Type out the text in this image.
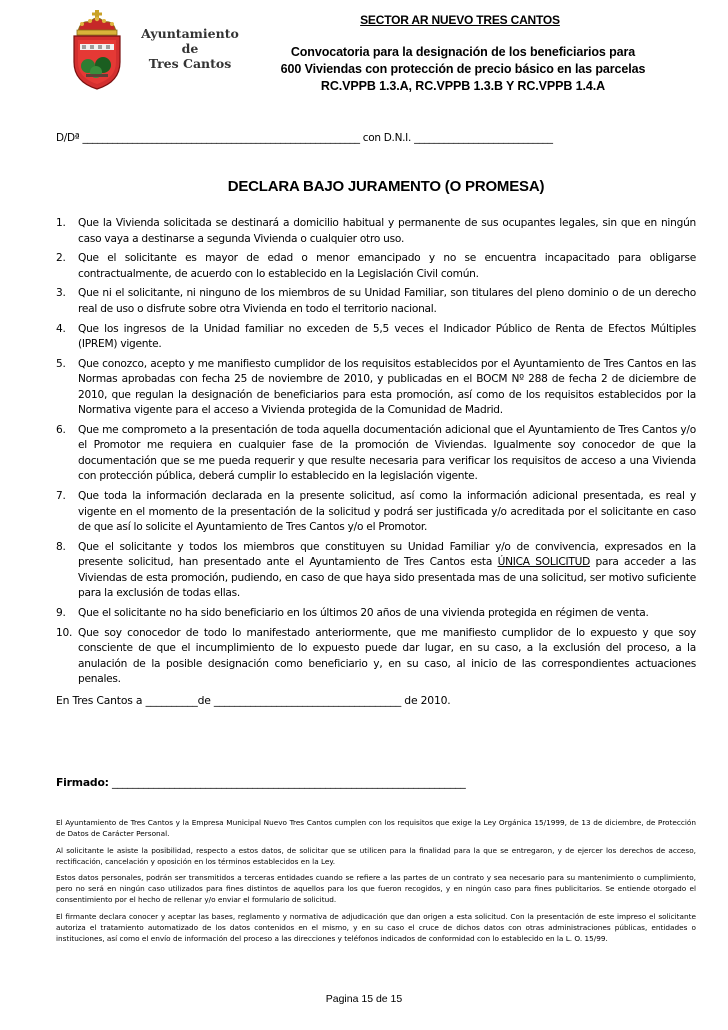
Ayuntamiento
de
Tres Cantos
SECTOR AR NUEVO TRES CANTOS
Convocatoria para la designación de los beneficiarios para
600 Viviendas con protección de precio básico en las parcelas
RC.VPPB 1.3.A, RC.VPPB 1.3.B Y RC.VPPB 1.4.A
D/Dª ________________________________________________________ con D.N.I. ____________________________
DECLARA BAJO JURAMENTO (O PROMESA)
1. Que la Vivienda solicitada se destinará a domicilio habitual y permanente de sus ocupantes legales, sin que en ningún caso vaya a destinarse a segunda Vivienda o cualquier otro uso.
2. Que el solicitante es mayor de edad o menor emancipado y no se encuentra incapacitado para obligarse contractualmente, de acuerdo con lo establecido en la Legislación Civil común.
3. Que ni el solicitante, ni ninguno de los miembros de su Unidad Familiar, son titulares del pleno dominio o de un derecho real de uso o disfrute sobre otra Vivienda en todo el territorio nacional.
4. Que los ingresos de la Unidad familiar no exceden de 5,5 veces el Indicador Público de Renta de Efectos Múltiples (IPREM) vigente.
5. Que conozco, acepto y me manifiesto cumplidor de los requisitos establecidos por el Ayuntamiento de Tres Cantos en las Normas aprobadas con fecha 25 de noviembre de 2010, y publicadas en el BOCM Nº 288 de fecha 2 de diciembre de 2010, que regulan la designación de beneficiarios para esta promoción, así como de los requisitos establecidos por la Normativa vigente para el acceso a Vivienda protegida de la Comunidad de Madrid.
6. Que me comprometo a la presentación de toda aquella documentación adicional que el Ayuntamiento de Tres Cantos y/o el Promotor me requiera en cualquier fase de la promoción de Viviendas. Igualmente soy conocedor de que la documentación que se me pueda requerir y que resulte necesaria para verificar los requisitos de acceso a una Vivienda con protección pública, deberá cumplir lo establecido en la legislación vigente.
7. Que toda la información declarada en la presente solicitud, así como la información adicional presentada, es real y vigente en el momento de la presentación de la solicitud y podrá ser justificada y/o acreditada por el solicitante en caso de que así lo solicite el Ayuntamiento de Tres Cantos y/o el Promotor.
8. Que el solicitante y todos los miembros que constituyen su Unidad Familiar y/o de convivencia, expresados en la presente solicitud, han presentado ante el Ayuntamiento de Tres Cantos esta ÚNICA SOLICITUD para acceder a las Viviendas de esta promoción, pudiendo, en caso de que haya sido presentada mas de una solicitud, ser motivo suficiente para la exclusión de todas ellas.
9. Que el solicitante no ha sido beneficiario en los últimos 20 años de una vivienda protegida en régimen de venta.
10. Que soy conocedor de todo lo manifestado anteriormente, que me manifiesto cumplidor de lo expuesto y que soy consciente de que el incumplimiento de lo expuesto puede dar lugar, en su caso, a la exclusión del proceso, a la anulación de la posible designación como beneficiario y, en su caso, al inicio de las correspondientes actuaciones penales.
En Tres Cantos a __________de ____________________________________ de 2010.
Firmado: ____________________________________________________________________

El Ayuntamiento de Tres Cantos y la Empresa Municipal Nuevo Tres Cantos cumplen con los requisitos que exige la Ley Orgánica 15/1999, de 13 de diciembre, de Protección de Datos de Carácter Personal.

Al solicitante le asiste la posibilidad, respecto a estos datos, de solicitar que se utilicen para la finalidad para la que se entregaron, y de ejercer los derechos de acceso, rectificación, cancelación y oposición en los términos establecidos en la Ley.

Estos datos personales, podrán ser transmitidos a terceras entidades cuando se refiere a las partes de un contrato y sea necesario para su mantenimiento o cumplimiento, pero no será en ningún caso utilizados para fines distintos de aquellos para los que fueron recogidos, y en ningún caso para fines publicitarios. Se entiende otorgado el consentimiento por el hecho de rellenar y/o enviar el formulario de solicitud.

El firmante declara conocer y aceptar las bases, reglamento y normativa de adjudicación que dan origen a esta solicitud. Con la presentación de este impreso el solicitante autoriza el tratamiento automatizado de los datos contenidos en el mismo, y en su caso el cruce de dichos datos con otras administraciones públicas, entidades o instituciones, así como el envío de información del proceso a las direcciones y teléfonos indicados de conformidad con lo establecido en la L. O. 15/99.

Pagina 15 de 15
